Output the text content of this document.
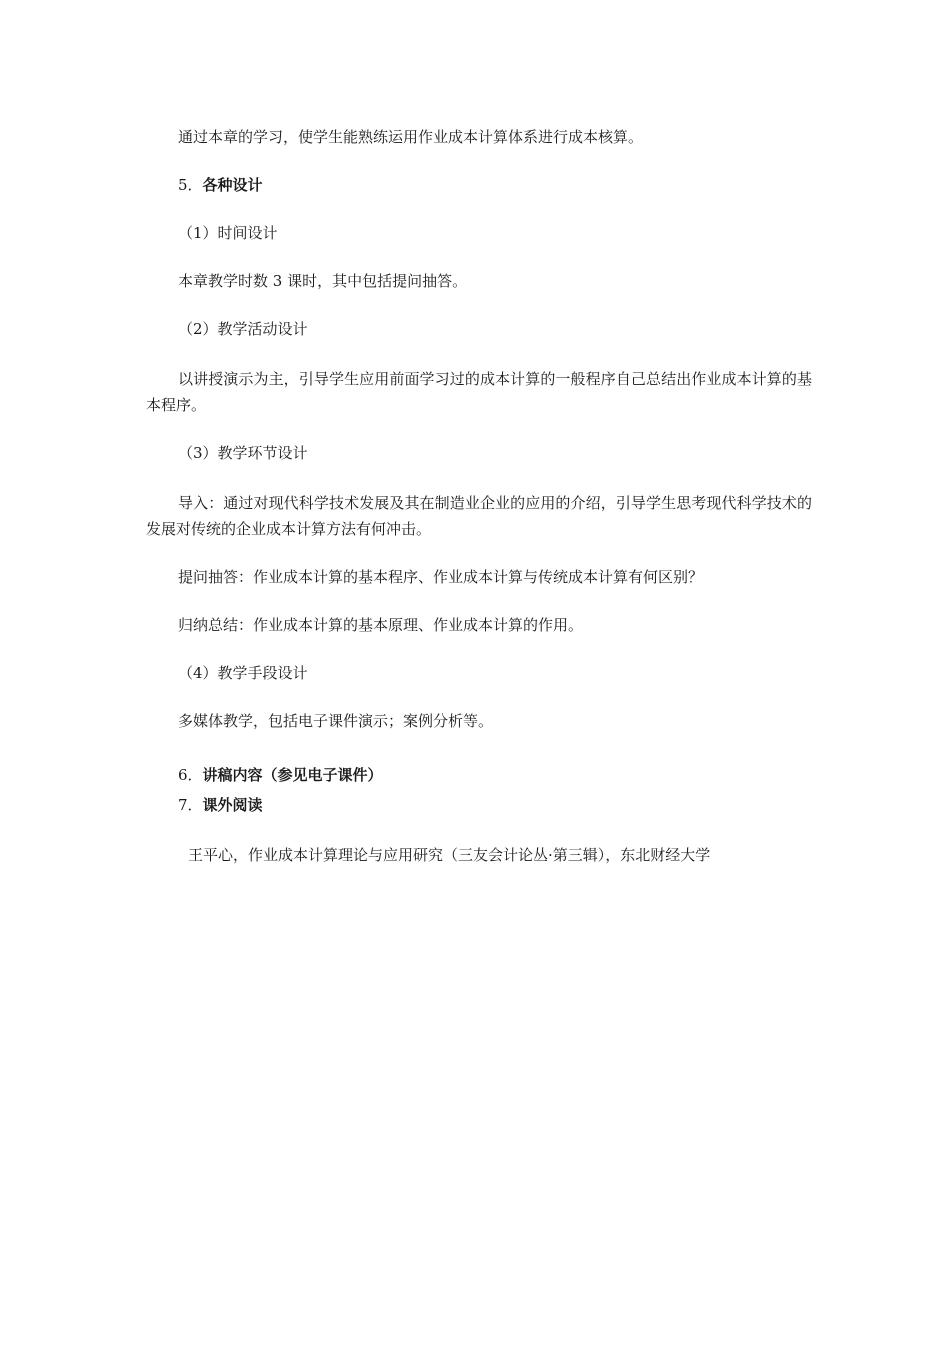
通过本章的学习，使学生能熟练运用作业成本计算体系进行成本核算。
5．各种设计
（1）时间设计
本章教学时数 3 课时，其中包括提问抽答。
（2）教学活动设计
以讲授演示为主，引导学生应用前面学习过的成本计算的一般程序自己总结出作业成本计算的基本程序。
（3）教学环节设计
导入：通过对现代科学技术发展及其在制造业企业的应用的介绍，引导学生思考现代科学技术的发展对传统的企业成本计算方法有何冲击。
提问抽答：作业成本计算的基本程序、作业成本计算与传统成本计算有何区别？
归纳总结：作业成本计算的基本原理、作业成本计算的作用。
（4）教学手段设计
多媒体教学，包括电子课件演示；案例分析等。
6．讲稿内容（参见电子课件）
7．课外阅读
王平心，作业成本计算理论与应用研究（三友会计论丛·第三辑），东北财经大学
